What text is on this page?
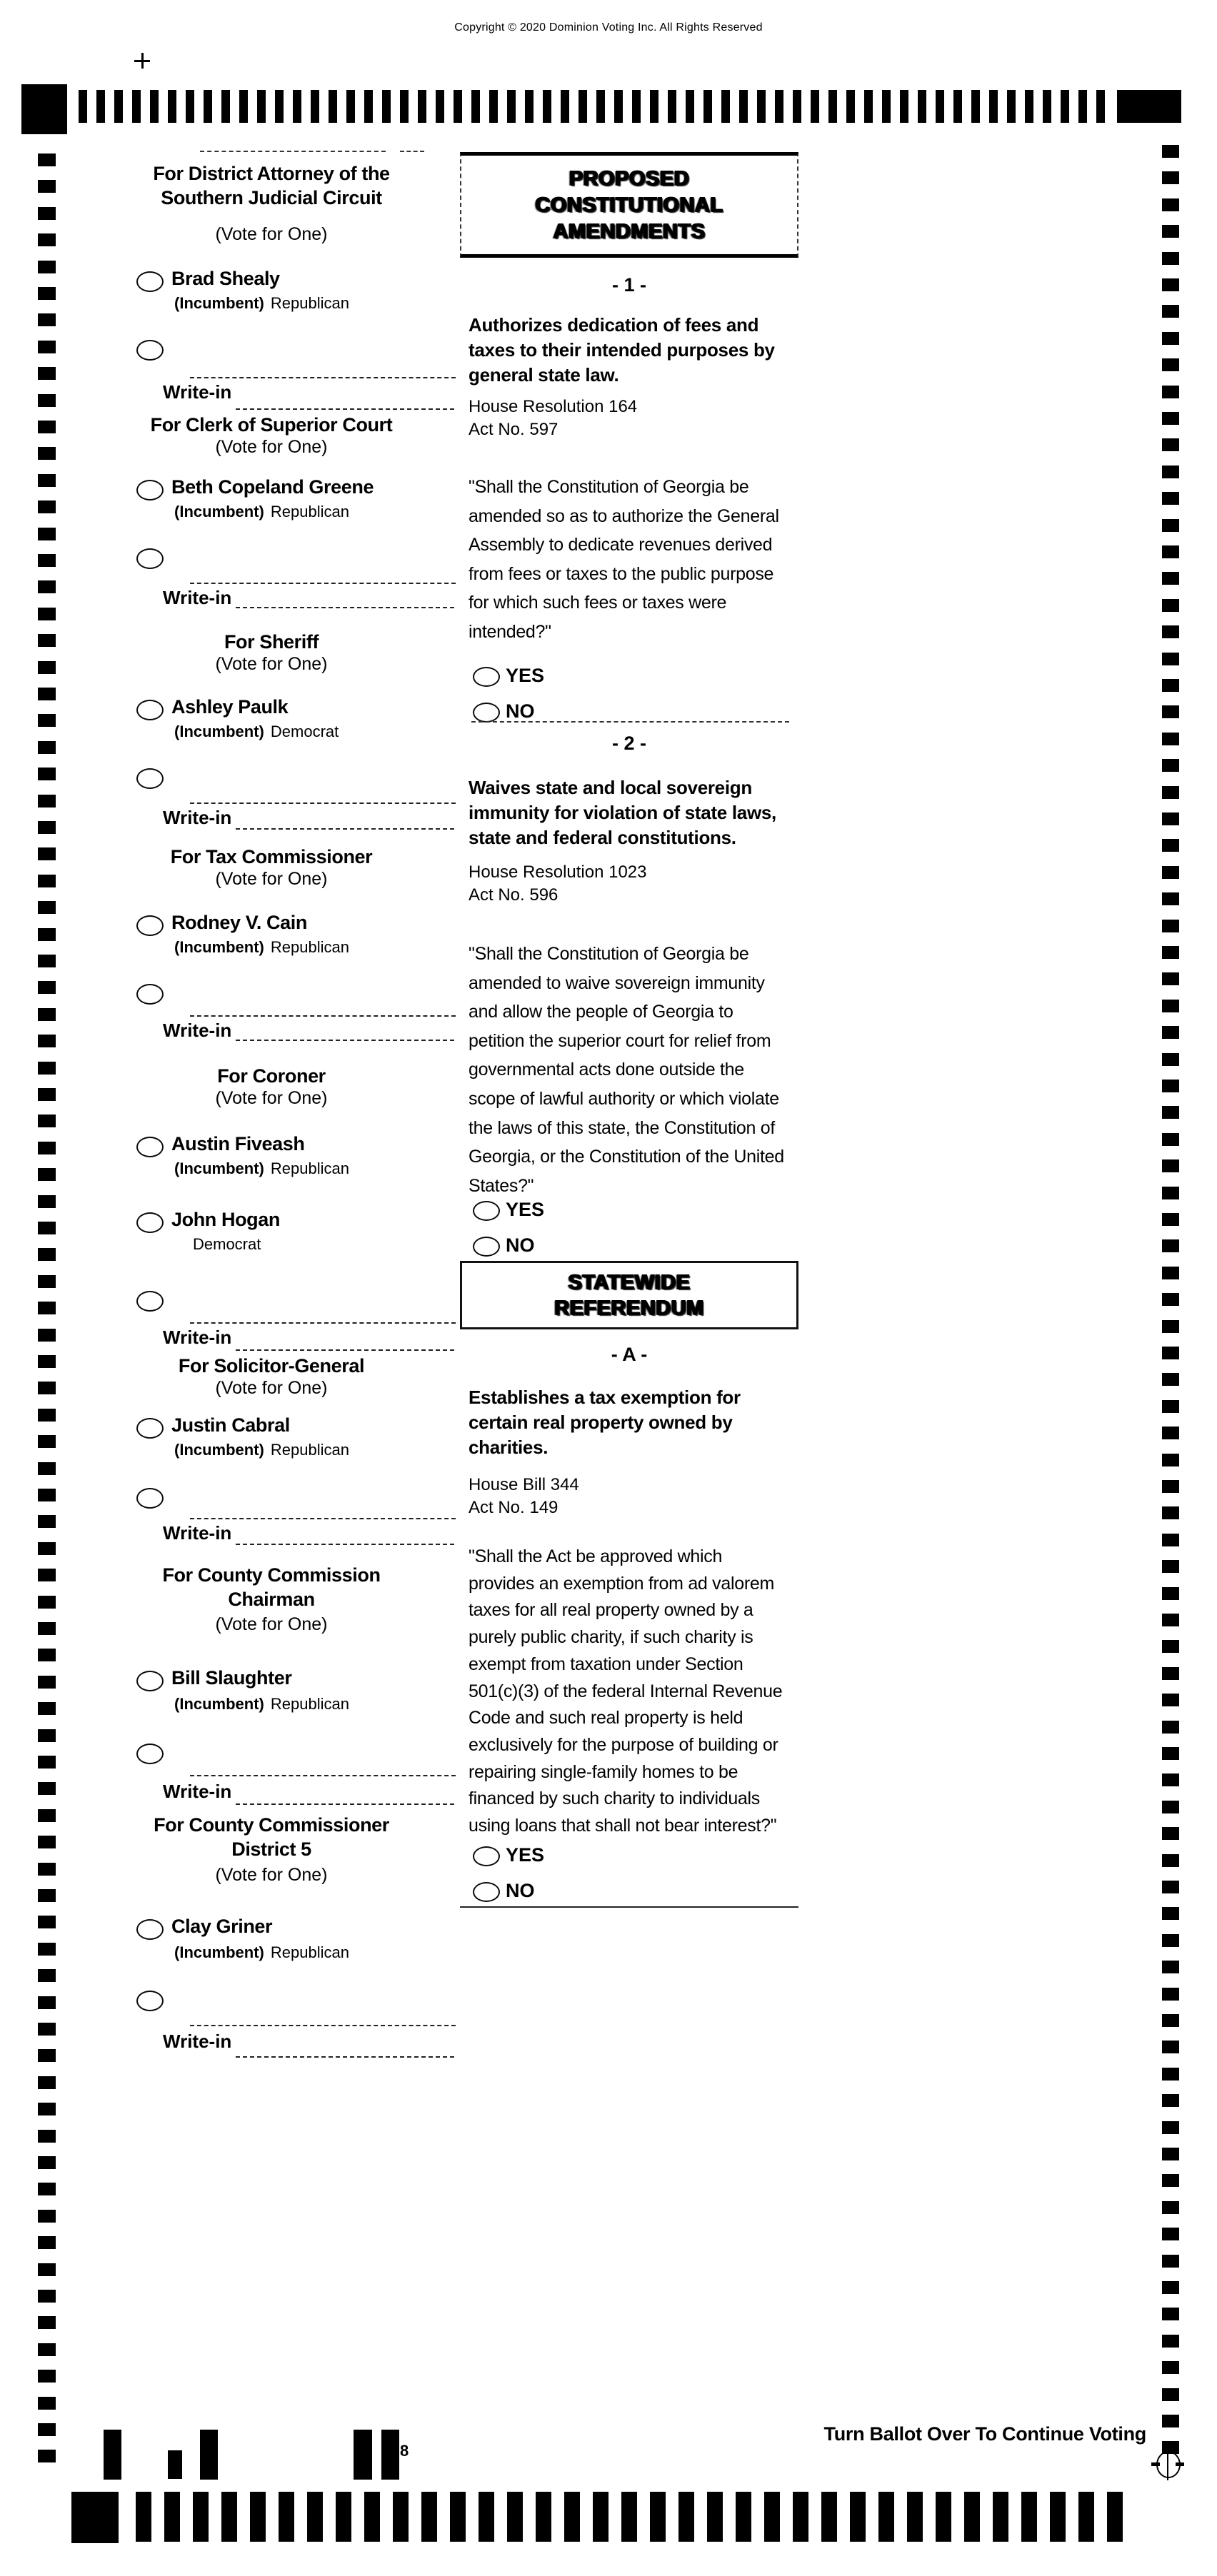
Copyright © 2020 Dominion Voting Inc. All Rights Reserved
For District Attorney of the
Southern Judicial Circuit
(Vote for One)
Brad Shealy
(Incumbent) Republican
Write-in
For Clerk of Superior Court
(Vote for One)
Beth Copeland Greene
(Incumbent) Republican
Write-in
For Sheriff
(Vote for One)
Ashley Paulk
(Incumbent) Democrat
Write-in
For Tax Commissioner
(Vote for One)
Rodney V. Cain
(Incumbent) Republican
Write-in
For Coroner
(Vote for One)
Austin Fiveash
(Incumbent) Republican
John Hogan
Democrat
Write-in
For Solicitor-General
(Vote for One)
Justin Cabral
(Incumbent) Republican
Write-in
For County Commission
Chairman
(Vote for One)
Bill Slaughter
(Incumbent) Republican
Write-in
For County Commissioner
District 5
(Vote for One)
Clay Griner
(Incumbent) Republican
Write-in
PROPOSED
CONSTITUTIONAL
AMENDMENTS
- 1 -
Authorizes dedication of fees and
taxes to their intended purposes by
general state law.
House Resolution 164
Act No. 597
"Shall the Constitution of Georgia be
amended so as to authorize the General
Assembly to dedicate revenues derived
from fees or taxes to the public purpose
for which such fees or taxes were
intended?"
YES
NO
- 2 -
Waives state and local sovereign
immunity for violation of state laws,
state and federal constitutions.
House Resolution 1023
Act No. 596
"Shall the Constitution of Georgia be
amended to waive sovereign immunity
and allow the people of Georgia to
petition the superior court for relief from
governmental acts done outside the
scope of lawful authority or which violate
the laws of this state, the Constitution of
Georgia, or the Constitution of the United
States?"
YES
NO
STATEWIDE
REFERENDUM
- A -
Establishes a tax exemption for
certain real property owned by
charities.
House Bill 344
Act No. 149
"Shall the Act be approved which
provides an exemption from ad valorem
taxes for all real property owned by a
purely public charity, if such charity is
exempt from taxation under Section
501(c)(3) of the federal Internal Revenue
Code and such real property is held
exclusively for the purpose of building or
repairing single-family homes to be
financed by such charity to individuals
using loans that shall not bear interest?"
YES
NO
Turn Ballot Over To Continue Voting
8
